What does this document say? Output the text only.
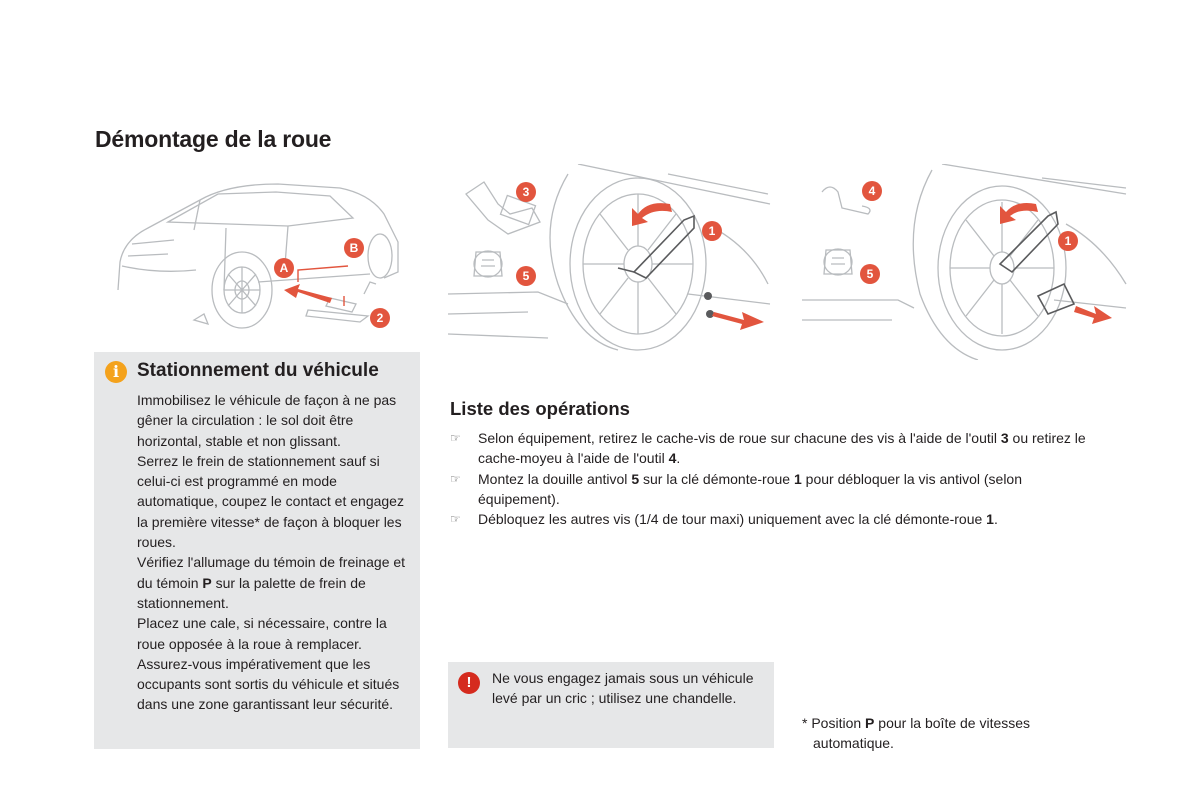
Démontage de la roue
A
B
2
3
5
1
4
5
1
i Stationnement du véhicule

Immobilisez le véhicule de façon à ne pas gêner la circulation : le sol doit être horizontal, stable et non glissant.

Serrez le frein de stationnement sauf si celui-ci est programmé en mode automatique, coupez le contact et engagez la première vitesse* de façon à bloquer les roues.

Vérifiez l'allumage du témoin de freinage et du témoin P sur la palette de frein de stationnement.

Placez une cale, si nécessaire, contre la roue opposée à la roue à remplacer.

Assurez-vous impérativement que les occupants sont sortis du véhicule et situés dans une zone garantissant leur sécurité.

Liste des opérations
☞ Selon équipement, retirez le cache-vis de roue sur chacune des vis à l'aide de l'outil 3 ou retirez le cache-moyeu à l'aide de l'outil 4.
☞ Montez la douille antivol 5 sur la clé démonte-roue 1 pour débloquer la vis antivol (selon équipement).
☞ Débloquez les autres vis (1/4 de tour maxi) uniquement avec la clé démonte-roue 1.
!	Ne vous engagez jamais sous un véhicule levé par un cric ; utilisez une chandelle.

* Position P pour la boîte de vitesses automatique.
